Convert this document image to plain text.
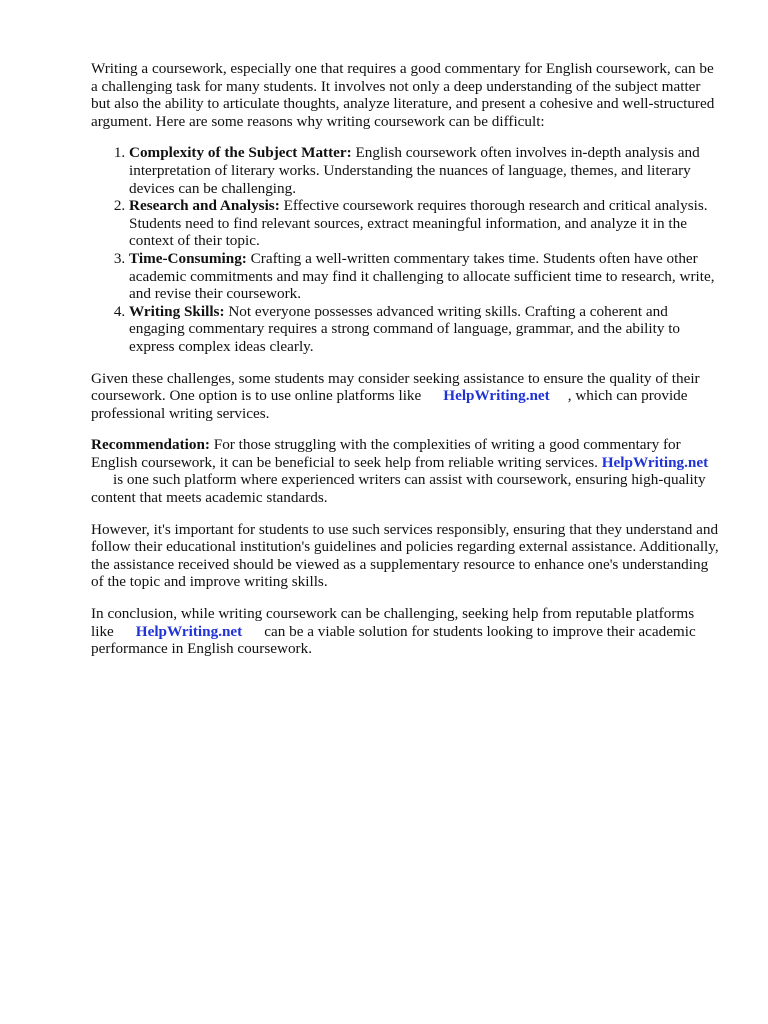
Writing a coursework, especially one that requires a good commentary for English coursework, can be a challenging task for many students. It involves not only a deep understanding of the subject matter but also the ability to articulate thoughts, analyze literature, and present a cohesive and well-structured argument. Here are some reasons why writing coursework can be difficult:

1. Complexity of the Subject Matter: English coursework often involves in-depth analysis and interpretation of literary works. Understanding the nuances of language, themes, and literary devices can be challenging.
2. Research and Analysis: Effective coursework requires thorough research and critical analysis. Students need to find relevant sources, extract meaningful information, and analyze it in the context of their topic.
3. Time-Consuming: Crafting a well-written commentary takes time. Students often have other academic commitments and may find it challenging to allocate sufficient time to research, write, and revise their coursework.
4. Writing Skills: Not everyone possesses advanced writing skills. Crafting a coherent and engaging commentary requires a strong command of language, grammar, and the ability to express complex ideas clearly.

Given these challenges, some students may consider seeking assistance to ensure the quality of their coursework. One option is to use online platforms like HelpWriting.net , which can provide professional writing services.

Recommendation: For those struggling with the complexities of writing a good commentary for English coursework, it can be beneficial to seek help from reliable writing services. HelpWriting.netis one such platform where experienced writers can assist with coursework, ensuring high-quality content that meets academic standards.

However, it's important for students to use such services responsibly, ensuring that they understand and follow their educational institution's guidelines and policies regarding external assistance. Additionally, the assistance received should be viewed as a supplementary resource to enhance one's understanding of the topic and improve writing skills.

In conclusion, while writing coursework can be challenging, seeking help from reputable platforms like HelpWriting.net can be a viable solution for students looking to improve their academic performance in English coursework.
